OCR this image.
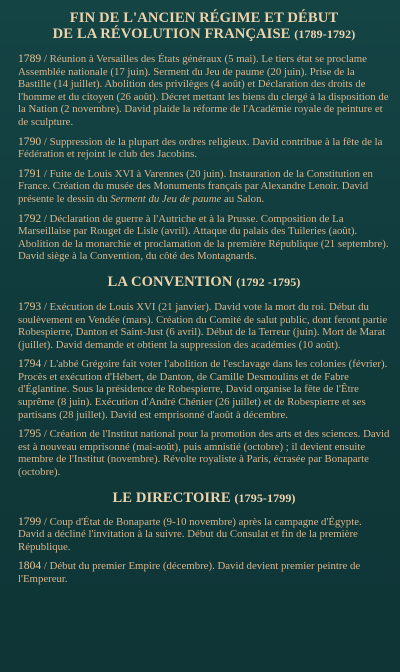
FIN DE L'ANCIEN RÉGIME ET DÉBUT
DE LA RÉVOLUTION FRANÇAISE (1789-1792)

1789 / Réunion à Versailles des États généraux (5 mai). Le tiers état se proclame Assemblée nationale (17 juin). Serment du Jeu de paume (20 juin). Prise de la Bastille (14 juillet). Abolition des privilèges (4 août) et Déclaration des droits de l'homme et du citoyen (26 août). Décret mettant les biens du clergé à la disposition de la Nation (2 novembre). David plaide la réforme de l'Académie royale de peinture et de sculpture.

1790 / Suppression de la plupart des ordres religieux. David contribue à la fête de la Fédération et rejoint le club des Jacobins.

1791 / Fuite de Louis XVI à Varennes (20 juin). Instauration de la Constitution en France. Création du musée des Monuments français par Alexandre Lenoir. David présente le dessin du Serment du Jeu de paume au Salon.

1792 / Déclaration de guerre à l'Autriche et à la Prusse. Composition de La Marseillaise par Rouget de Lisle (avril). Attaque du palais des Tuileries (août). Abolition de la monarchie et proclamation de la première République (21 septembre). David siège à la Convention, du côté des Montagnards.

LA CONVENTION (1792 -1795)

1793 / Exécution de Louis XVI (21 janvier). David vote la mort du roi. Début du soulèvement en Vendée (mars). Création du Comité de salut public, dont feront partie Robespierre, Danton et Saint-Just (6 avril). Début de la Terreur (juin). Mort de Marat (juillet). David demande et obtient la suppression des académies (10 août).

1794 / L'abbé Grégoire fait voter l'abolition de l'esclavage dans les colonies (février). Procès et exécution d'Hébert, de Danton, de Camille Desmoulins et de Fabre d'Églantine. Sous la présidence de Robespierre, David organise la fête de l'Être suprême (8 juin). Exécution d'André Chénier (26 juillet) et de Robespierre et ses partisans (28 juillet). David est emprisonné d'août à décembre.

1795 / Création de l'Institut national pour la promotion des arts et des sciences. David est à nouveau emprisonné (mai-août), puis amnistié (octobre) ; il devient ensuite membre de l'Institut (novembre). Révolte royaliste à Paris, écrasée par Bonaparte (octobre).

LE DIRECTOIRE (1795-1799)

1799 / Coup d'État de Bonaparte (9-10 novembre) après la campagne d'Égypte. David a décliné l'invitation à la suivre. Début du Consulat et fin de la première République.

1804 / Début du premier Empire (décembre). David devient premier peintre de l'Empereur.
